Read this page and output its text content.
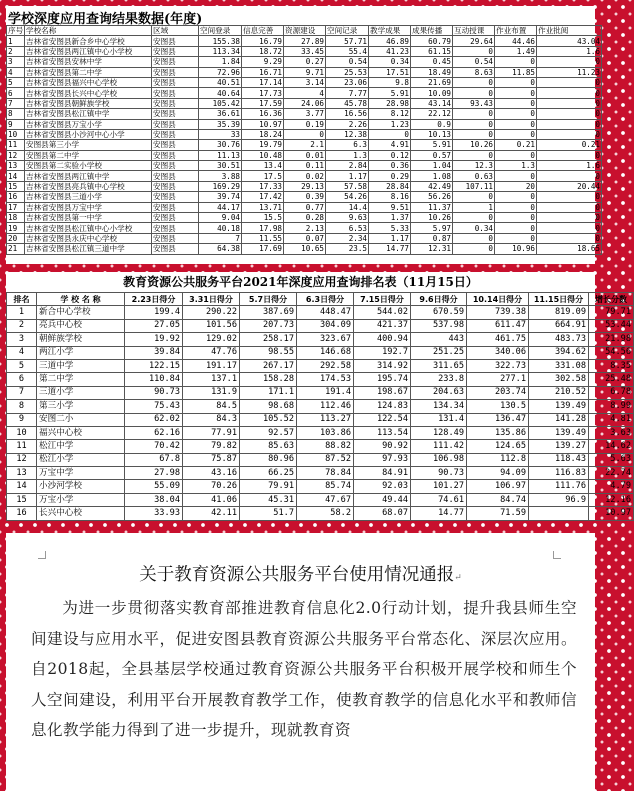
学校深度应用查询结果数据(年度)
序号	学校名称	区域	空间登录	信息完善	资源建设	空间记录	教学成果	成果传播	互动授课	作业布置	作业批阅
1	吉林省安图县新合乡中心学校	安图县	155.38	16.79	27.89	57.71	46.89	60.79	29.64	44.46	43.04
2	吉林省安图县两江镇中心小学校	安图县	113.34	18.72	33.45	55.4	41.23	61.15	0	1.49	1.6
3	吉林省安图县安林中学	安图县	1.84	9.29	0.27	0.54	0.34	0.45	0.54	0	0
4	吉林省安图县第二中学	安图县	72.96	16.71	9.71	25.53	17.51	18.49	8.63	11.85	11.23
5	吉林省安图县福兴中心学校	安图县	40.51	17.14	3.14	23.06	9.8	21.69	0	0	0
6	吉林省安图县长兴中心学校	安图县	40.64	17.73	4	7.77	5.91	10.09	0	0	0
7	吉林省安图县朝鲜族学校	安图县	105.42	17.59	24.06	45.78	28.98	43.14	93.43	0	0
8	吉林省安图县松江镇中学	安图县	36.61	16.36	3.77	16.56	8.12	22.12	0	0	0
9	吉林省安图县万宝小学	安图县	35.39	10.97	0.19	2.26	1.23	0.9	0	0	0
10	吉林省安图县小沙河中心小学	安图县	33	18.24	0	12.38	0	10.13	0	0	0
11	安图县第三小学	安图县	30.76	19.79	2.1	6.3	4.91	5.91	10.26	0.21	0.21
12	安图县第二中学	安图县	11.13	10.48	0.01	1.3	0.12	0.57	0	0	0
13	安图县第二实验小学校	安图县	30.51	13.4	0.11	2.84	0.36	1.04	12.3	1.3	1.6
14	吉林省安图县两江镇中学	安图县	3.88	17.5	0.02	1.17	0.29	1.08	0.63	0	0
15	吉林省安图县亮兵镇中心学校	安图县	169.29	17.33	29.13	57.58	28.84	42.49	107.11	20	20.44
16	吉林省安图县三道小学	安图县	39.74	17.42	0.39	54.26	8.16	56.26	0	0	0
17	吉林省安图县万宝中学	安图县	44.17	13.71	0.77	14.4	9.51	11.37	1	0	0
18	吉林省安图县第一中学	安图县	9.04	15.5	0.28	9.63	1.37	10.26	0	0	0
19	吉林省安图县松江镇中心小学校	安图县	40.18	17.98	2.13	6.53	5.33	5.97	0.34	0	0
20	吉林省安图县永庆中心学校	安图县	7	11.55	0.07	2.34	1.17	0.87	0	0	0
21	吉林省安图县松江镇三道中学	安图县	64.38	17.69	10.65	23.5	14.77	12.31	0	10.96	18.65
教育资源公共服务平台2021年深度应用查询排名表（11月15日）
排名	学 校 名 称	2.23日得分	3.31日得分	5.7日得分	6.3日得分	7.15日得分	9.6日得分	10.14日得分	11.15日得分	增长分数
1	新合中心学校	199.4	290.22	387.69	448.47	544.02	670.59	739.38	819.09	79.71
2	亮兵中心校	27.05	101.56	207.73	304.09	421.37	537.98	611.47	664.91	53.44
3	朝鲜族学校	19.92	129.02	258.17	323.67	400.94	443	461.75	483.73	21.98
4	两江小学	39.84	47.76	98.55	146.68	192.7	251.25	340.06	394.62	54.56
5	三道中学	122.15	191.17	267.17	292.58	314.92	311.65	322.73	331.08	8.35
6	第二中学	110.84	137.1	158.28	174.53	195.74	233.8	277.1	302.58	25.48
7	三道小学	90.73	131.9	171.1	191.4	198.67	204.63	203.74	210.52	6.78
8	第三小学	75.43	84.5	98.68	112.46	124.83	134.34	130.5	139.49	8.99
9	安图二小	62.02	84.3	105.52	113.27	122.54	131.4	136.47	141.28	4.81
10	福兴中心校	62.16	77.91	92.57	103.86	113.54	128.49	135.86	139.49	3.63
11	松江中学	70.42	79.82	85.63	88.82	90.92	111.42	124.65	139.27	14.62
12	松江小学	67.8	75.87	80.96	87.52	97.93	106.98	112.8	118.43	5.63
13	万宝中学	27.98	43.16	66.25	78.84	84.91	90.73	94.09	116.83	22.74
14	小沙河学校	55.09	70.26	79.91	85.74	92.03	101.27	106.97	111.76	4.79
15	万宝小学	38.04	41.06	45.31	47.67	49.44	74.61	84.74	96.9	12.16
16	长兴中心校	33.93	42.11	51.7	58.2	68.07	14.77	71.59		10.97
关于教育资源公共服务平台使用情况通报↵

为进一步贯彻落实教育部推进教育信息化2.0行动计划，提升我县师生空间建设与应用水平，促进安图县教育资源公共服务平台常态化、深层次应用。自2018起，全县基层学校通过教育资源公共服务平台积极开展学校和师生个人空间建设，利用平台开展教育教学工作，使教育教学的信息化水平和教师信息化教学能力得到了进一步提升，现就教育资
